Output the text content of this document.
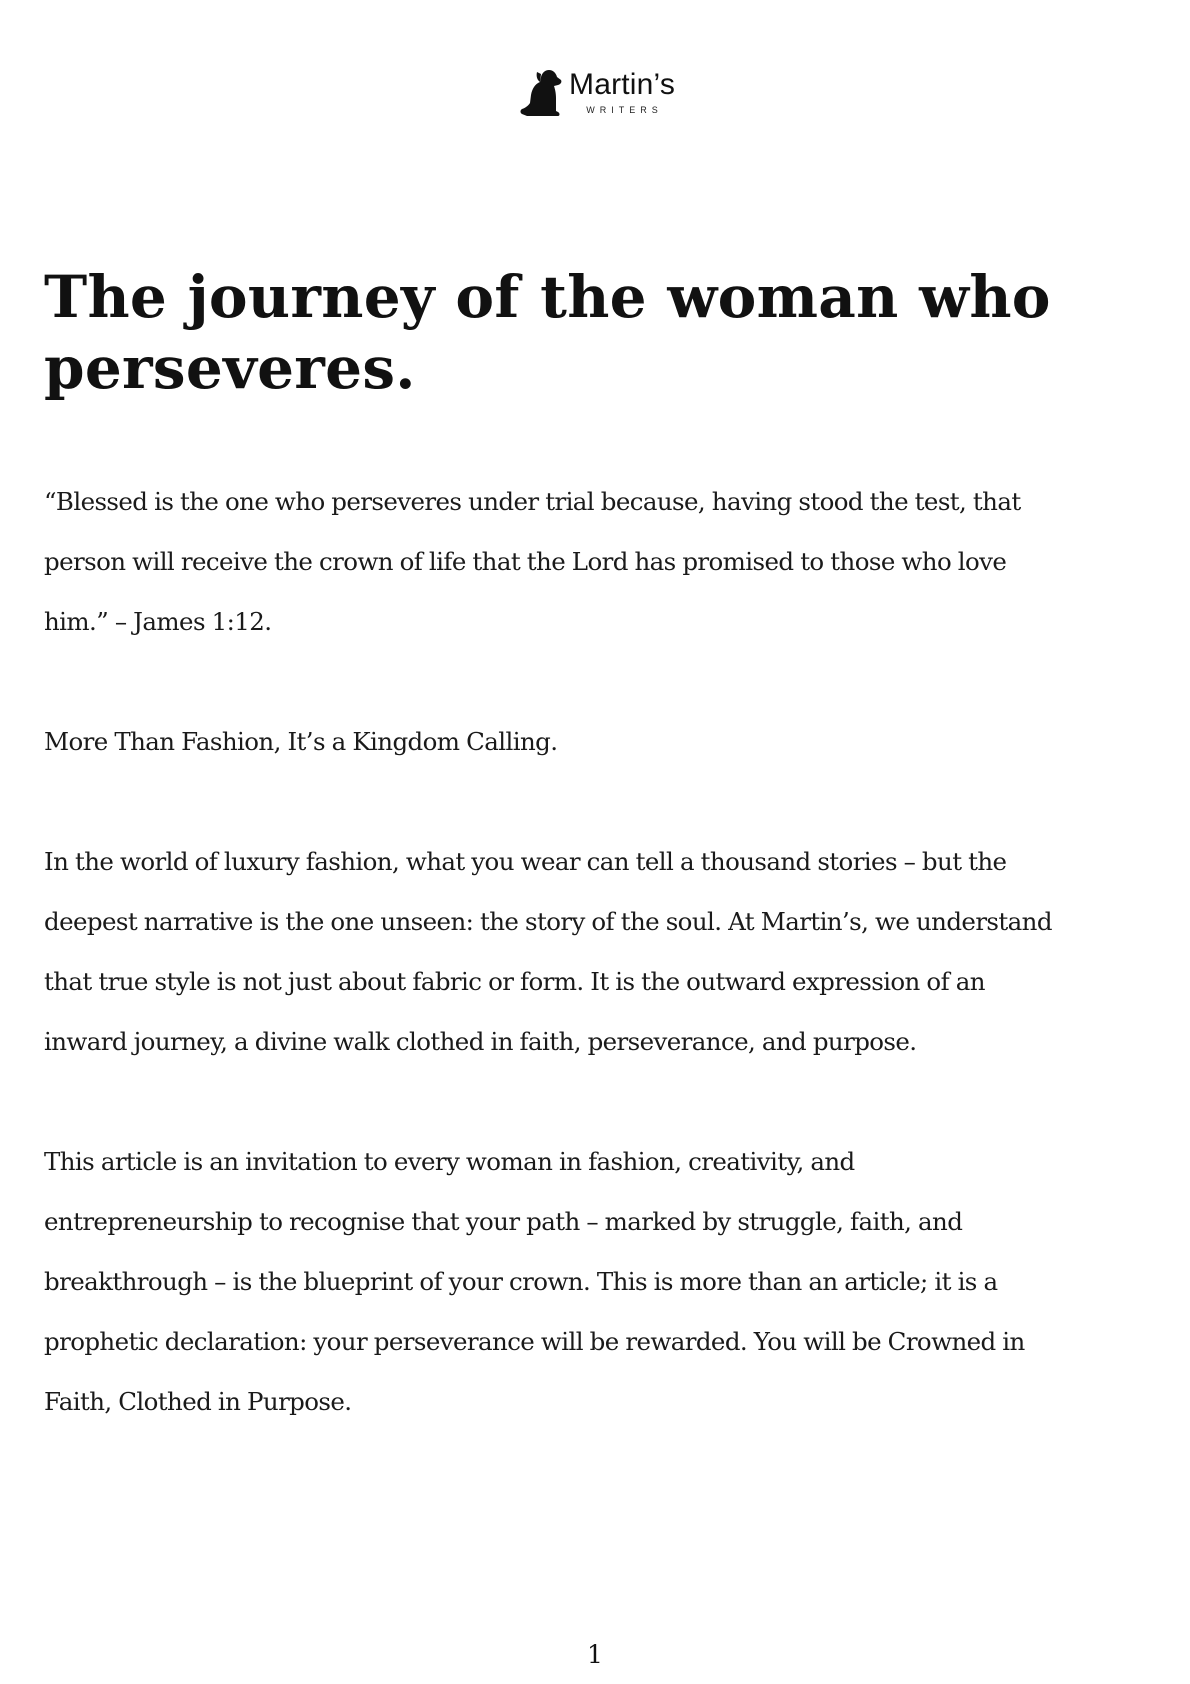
Martin’s
WRITERS
The journey of the woman who perseveres.

“Blessed is the one who perseveres under trial because, having stood the test, that
person will receive the crown of life that the Lord has promised to those who love
him.” – James 1:12.

More Than Fashion, It’s a Kingdom Calling.

In the world of luxury fashion, what you wear can tell a thousand stories – but the
deepest narrative is the one unseen: the story of the soul. At Martin’s, we understand
that true style is not just about fabric or form. It is the outward expression of an
inward journey, a divine walk clothed in faith, perseverance, and purpose.

This article is an invitation to every woman in fashion, creativity, and
entrepreneurship to recognise that your path – marked by struggle, faith, and
breakthrough – is the blueprint of your crown. This is more than an article; it is a
prophetic declaration: your perseverance will be rewarded. You will be Crowned in
Faith, Clothed in Purpose.

1
